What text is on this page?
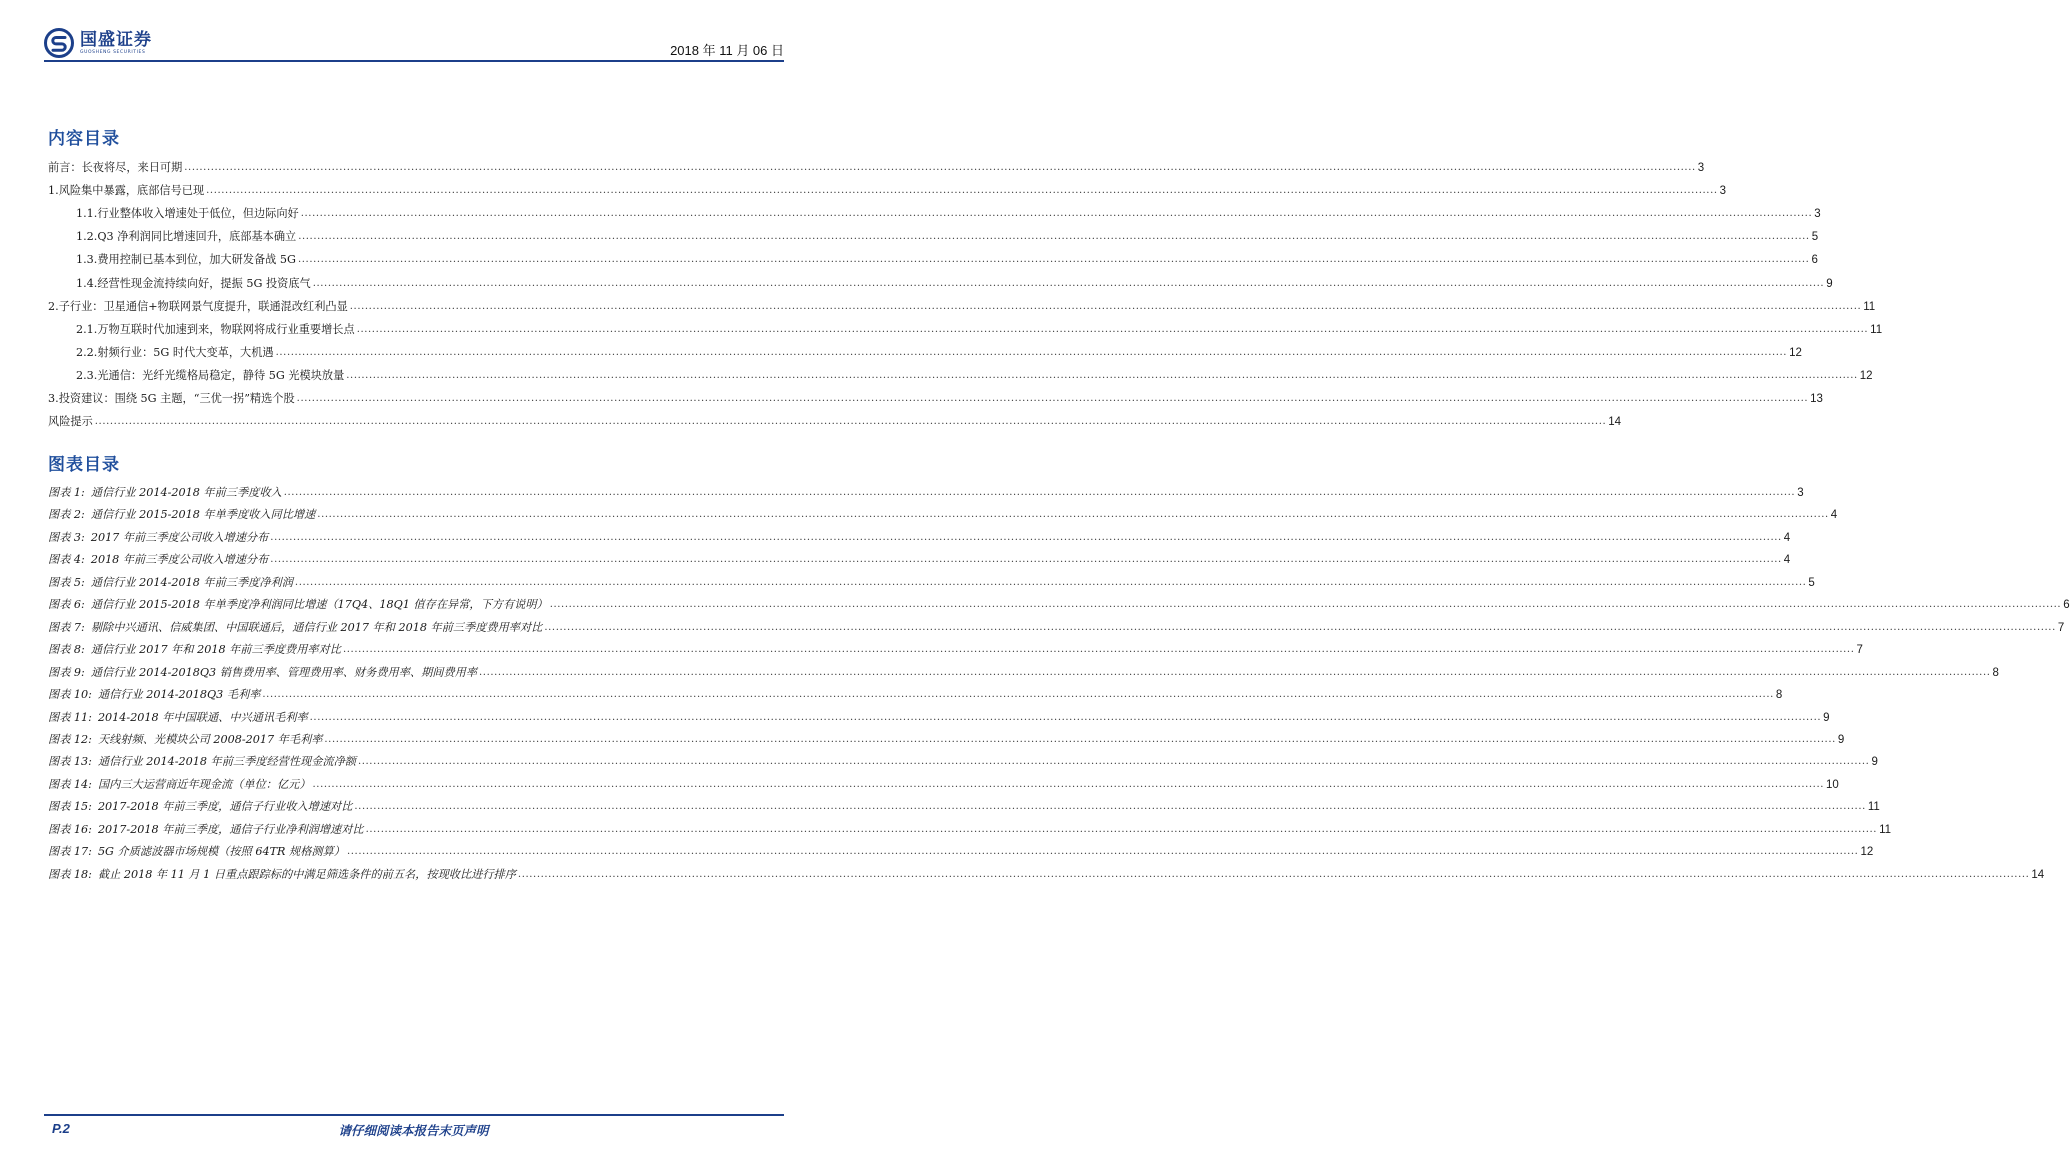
国盛证券
GUOSHENG SECURITIES	2018 年 11 月 06 日
内容目录
前言：长夜将尽，来日可期 ................................................................................................................................................................................................................................................................................................................................................................................................................ 3
1. 风险集中暴露，底部信号已现 ................................................................................................................................................................................................................................................................................................................................................................................................................ 3
1.1. 行业整体收入增速处于低位，但边际向好 ................................................................................................................................................................................................................................................................................................................................................................................................................ 3
1.2. Q3 净利润同比增速回升，底部基本确立 ................................................................................................................................................................................................................................................................................................................................................................................................................ 5
1.3. 费用控制已基本到位，加大研发备战 5G ................................................................................................................................................................................................................................................................................................................................................................................................................ 6
1.4. 经营性现金流持续向好，提振 5G 投资底气 ................................................................................................................................................................................................................................................................................................................................................................................................................ 9
2. 子行业：卫星通信+物联网景气度提升，联通混改红利凸显 ................................................................................................................................................................................................................................................................................................................................................................................................................ 11
2.1. 万物互联时代加速到来，物联网将成行业重要增长点 ................................................................................................................................................................................................................................................................................................................................................................................................................ 11
2.2. 射频行业：5G 时代大变革，大机遇 ................................................................................................................................................................................................................................................................................................................................................................................................................ 12
2.3. 光通信：光纤光缆格局稳定，静待 5G 光模块放量 ................................................................................................................................................................................................................................................................................................................................................................................................................ 12
3. 投资建议：围绕 5G 主题，“三优一拐”精选个股 ................................................................................................................................................................................................................................................................................................................................................................................................................ 13
风险提示 ................................................................................................................................................................................................................................................................................................................................................................................................................ 14
图表目录
图表 1: 通信行业 2014-2018 年前三季度收入 ................................................................................................................................................................................................................................................................................................................................................................................................................ 3
图表 2: 通信行业 2015-2018 年单季度收入同比增速 ................................................................................................................................................................................................................................................................................................................................................................................................................ 4
图表 3: 2017 年前三季度公司收入增速分布 ................................................................................................................................................................................................................................................................................................................................................................................................................ 4
图表 4: 2018 年前三季度公司收入增速分布 ................................................................................................................................................................................................................................................................................................................................................................................................................ 4
图表 5: 通信行业 2014-2018 年前三季度净利润 ................................................................................................................................................................................................................................................................................................................................................................................................................ 5
图表 6: 通信行业 2015-2018 年单季度净利润同比增速（17Q4、18Q1 值存在异常，下方有说明） ................................................................................................................................................................................................................................................................................................................................................................................................................ 6
图表 7: 剔除中兴通讯、信威集团、中国联通后，通信行业 2017 年和 2018 年前三季度费用率对比 ................................................................................................................................................................................................................................................................................................................................................................................................................ 7
图表 8: 通信行业 2017 年和 2018 年前三季度费用率对比 ................................................................................................................................................................................................................................................................................................................................................................................................................ 7
图表 9: 通信行业 2014-2018Q3 销售费用率、管理费用率、财务费用率、期间费用率 ................................................................................................................................................................................................................................................................................................................................................................................................................ 8
图表 10: 通信行业 2014-2018Q3 毛利率 ................................................................................................................................................................................................................................................................................................................................................................................................................ 8
图表 11: 2014-2018 年中国联通、中兴通讯毛利率 ................................................................................................................................................................................................................................................................................................................................................................................................................ 9
图表 12: 天线射频、光模块公司 2008-2017 年毛利率 ................................................................................................................................................................................................................................................................................................................................................................................................................ 9
图表 13: 通信行业 2014-2018 年前三季度经营性现金流净额 ................................................................................................................................................................................................................................................................................................................................................................................................................ 9
图表 14: 国内三大运营商近年现金流（单位：亿元） ................................................................................................................................................................................................................................................................................................................................................................................................................ 10
图表 15: 2017-2018 年前三季度，通信子行业收入增速对比 ................................................................................................................................................................................................................................................................................................................................................................................................................ 11
图表 16: 2017-2018 年前三季度，通信子行业净利润增速对比 ................................................................................................................................................................................................................................................................................................................................................................................................................ 11
图表 17: 5G 介质滤波器市场规模（按照 64TR 规格测算） ................................................................................................................................................................................................................................................................................................................................................................................................................ 12
图表 18: 截止 2018 年 11 月 1 日重点跟踪标的中满足筛选条件的前五名，按现收比进行排序 ................................................................................................................................................................................................................................................................................................................................................................................................................ 14
P.2	请仔细阅读本报告末页声明
